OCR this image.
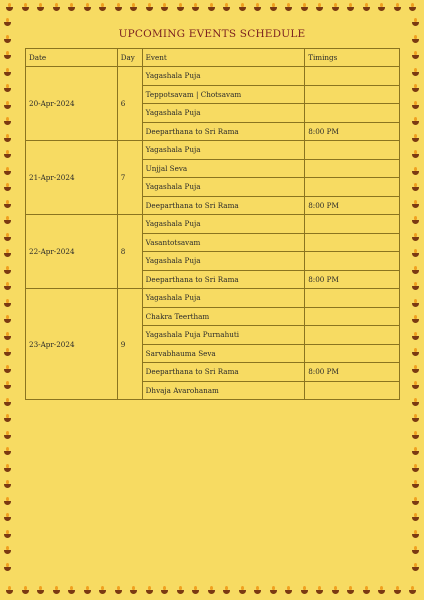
UPCOMING EVENTS SCHEDULE
Date	Day	Event	Timings
20-Apr-2024	6	Yagashala Puja	
		Teppotsavam | Chotsavam	
		Yagashala Puja	
		Deeparthana to Sri Rama	8:00 PM
21-Apr-2024	7	Yagashala Puja	
		Unjjal Seva	
		Yagashala Puja	
		Deeparthana to Sri Rama	8:00 PM
22-Apr-2024	8	Yagashala Puja	
		Vasantotsavam	
		Yagashala Puja	
		Deeparthana to Sri Rama	8:00 PM
23-Apr-2024	9	Yagashala Puja	
		Chakra Teertham	
		Yagashala Puja Purnahuti	
		Sarvabhauma Seva	
		Deeparthana to Sri Rama	8:00 PM
		Dhvaja Avarohanam	
